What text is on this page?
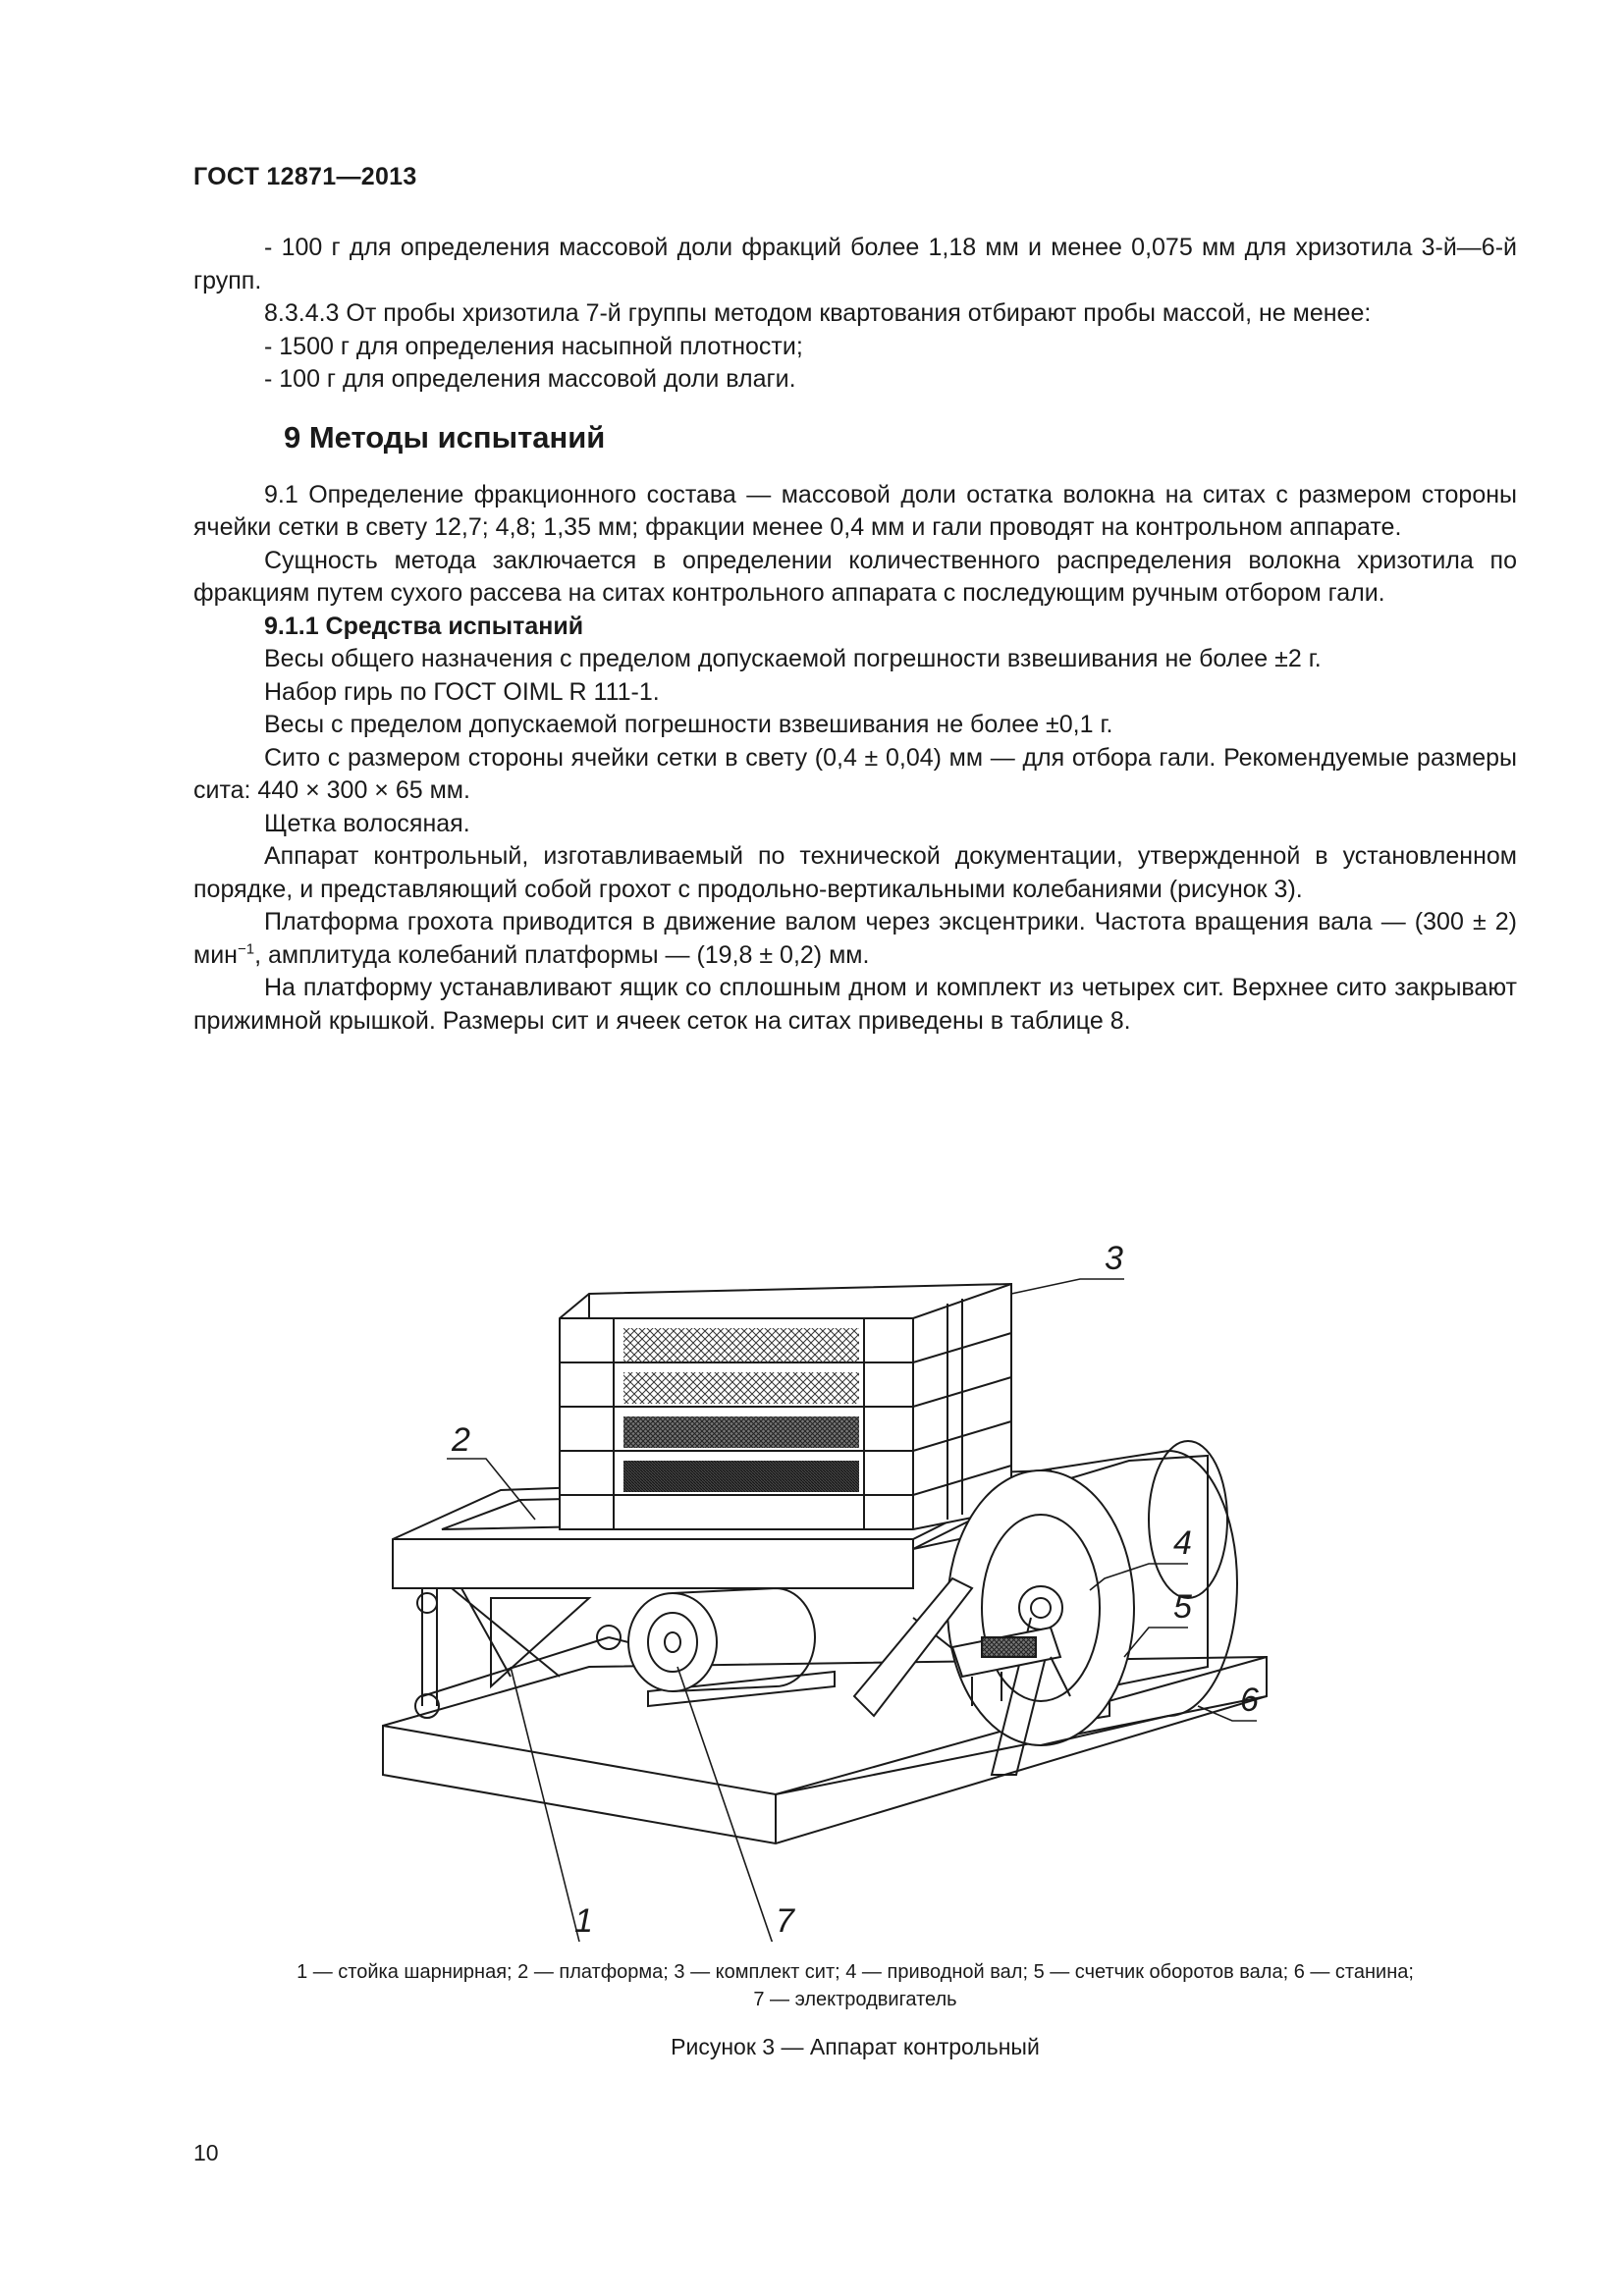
ГОСТ 12871—2013

- 100 г для определения массовой доли фракций более 1,18 мм и менее 0,075 мм для хризотила 3-й—6-й групп.

8.3.4.3 От пробы хризотила 7-й группы методом квартования отбирают пробы массой, не менее:

- 1500 г для определения насыпной плотности;

- 100 г для определения массовой доли влаги.

9 Методы испытаний

9.1 Определение фракционного состава — массовой доли остатка волокна на ситах с размером стороны ячейки сетки в свету 12,7; 4,8; 1,35 мм; фракции менее 0,4 мм и гали проводят на контрольном аппарате.

Сущность метода заключается в определении количественного распределения волокна хризотила по фракциям путем сухого рассева на ситах контрольного аппарата с последующим ручным отбором гали.

9.1.1 Средства испытаний

Весы общего назначения с пределом допускаемой погрешности взвешивания не более ±2 г.

Набор гирь по ГОСТ OIML R 111-1.

Весы с пределом допускаемой погрешности взвешивания не более ±0,1 г.

Сито с размером стороны ячейки сетки в свету (0,4 ± 0,04) мм — для отбора гали. Рекомендуемые размеры сита: 440 × 300 × 65 мм.

Щетка волосяная.

Аппарат контрольный, изготавливаемый по технической документации, утвержденной в установленном порядке, и представляющий собой грохот с продольно-вертикальными колебаниями (рисунок 3).

Платформа грохота приводится в движение валом через эксцентрики. Частота вращения вала — (300 ± 2) мин$^{-1}$, амплитуда колебаний платформы — (19,8 ± 0,2) мм.

На платформу устанавливают ящик со сплошным дном и комплект из четырех сит. Верхнее сито закрывают прижимной крышкой. Размеры сит и ячеек сеток на ситах приведены в таблице 8.

2
3
4
5
6
1	7
1 — стойка шарнирная; 2 — платформа; 3 — комплект сит; 4 — приводной вал; 5 — счетчик оборотов вала; 6 — станина;
7 — электродвигатель
Рисунок 3 — Аппарат контрольный
10
